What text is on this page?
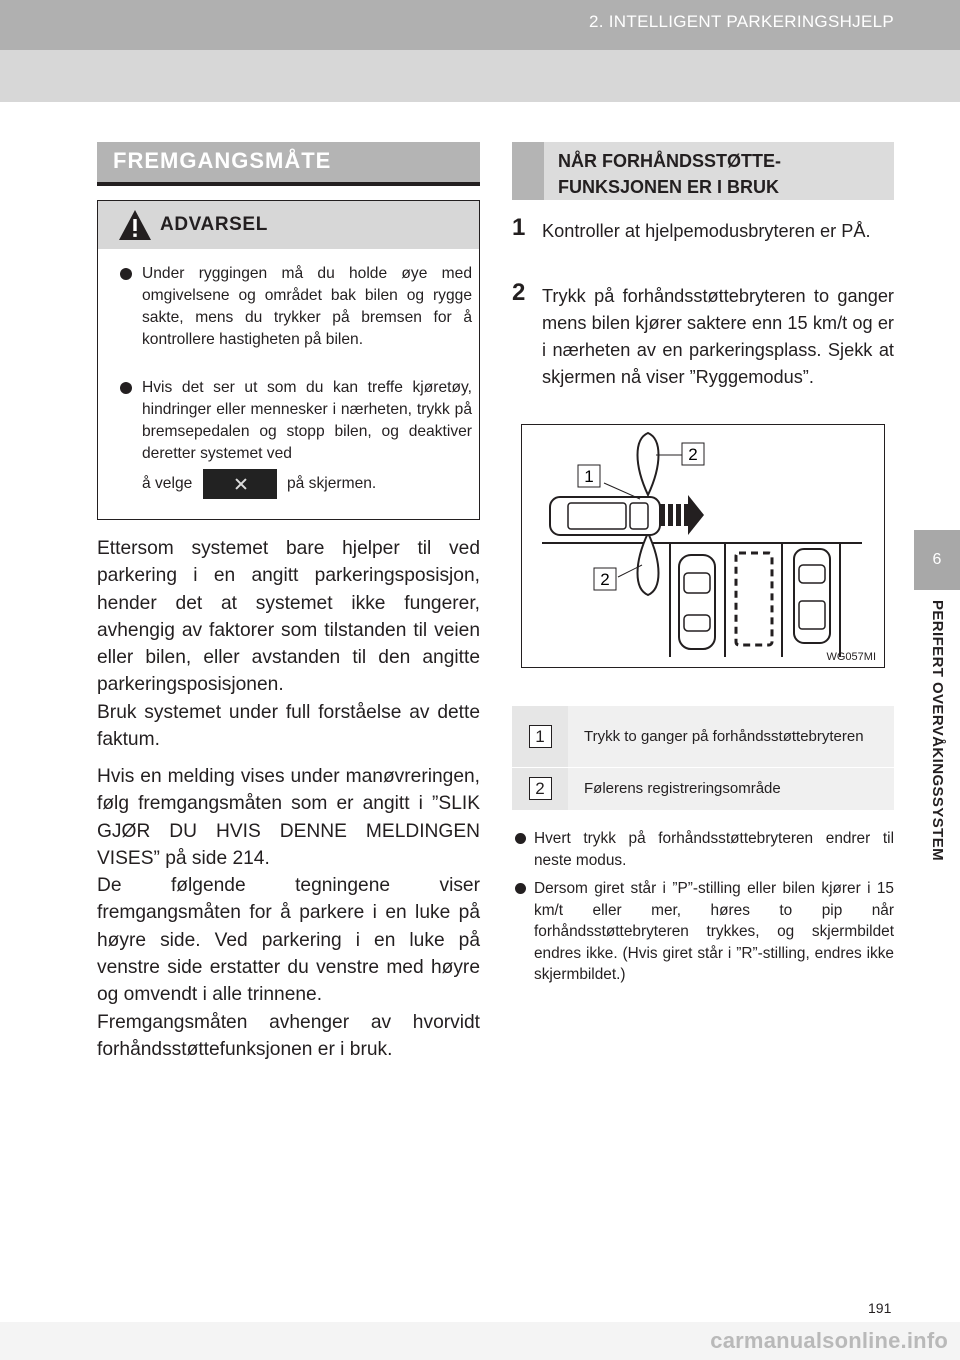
2. INTELLIGENT PARKERINGSHJELP
6
PERIFERT OVERVÅKINGSSYSTEM
FREMGANGSMÅTE
ADVARSEL
Under ryggingen må du holde øye med omgivelsene og området bak bilen og rygge sakte, mens du trykker på bremsen for å kontrollere hastigheten på bilen.
Hvis det ser ut som du kan treffe kjøretøy, hindringer eller mennesker i nærheten, trykk på bremsepedalen og stopp bilen, og deaktiver deretter systemet ved
å velge	på skjermen.

Ettersom systemet bare hjelper til ved parkering i en angitt parkeringsposisjon, hender det at systemet ikke fungerer, avhengig av faktorer som tilstanden til veien eller bilen, eller avstanden til den angitte parkeringsposisjonen.

Bruk systemet under full forståelse av dette faktum.

Hvis en melding vises under manøvreringen, følg fremgangsmåten som er angitt i ”SLIK GJØR DU HVIS DENNE MELDINGEN VISES” på side 214.

De følgende tegningene viser fremgangsmåten for å parkere i en luke på høyre side. Ved parkering i en luke på venstre side erstatter du venstre med høyre og omvendt i alle trinnene.

Fremgangsmåten avhenger av hvorvidt forhåndsstøttefunksjonen er i bruk.

NÅR FORHÅNDSSTØTTE-
FUNKSJONEN ER I BRUK
1 Kontroller at hjelpemodusbryteren er PÅ.
2 Trykk på forhåndsstøttebryteren to ganger mens bilen kjører saktere enn 15 km/t og er i nærheten av en parkeringsplass. Sjekk at skjermen nå viser ”Ryggemodus”.
1
2
2
WG057MI
1	Trykk to ganger på forhåndsstøttebryteren
2	Følerens registreringsområde
Hvert trykk på forhåndsstøttebryteren endrer til neste modus.
Dersom giret står i ”P”-stilling eller bilen kjører i 15 km/t eller mer, høres to pip når forhåndsstøttebryteren trykkes, og skjermbildet endres ikke. (Hvis giret står i ”R”-stilling, endres ikke skjermbildet.)
191
carmanualsonline.info
